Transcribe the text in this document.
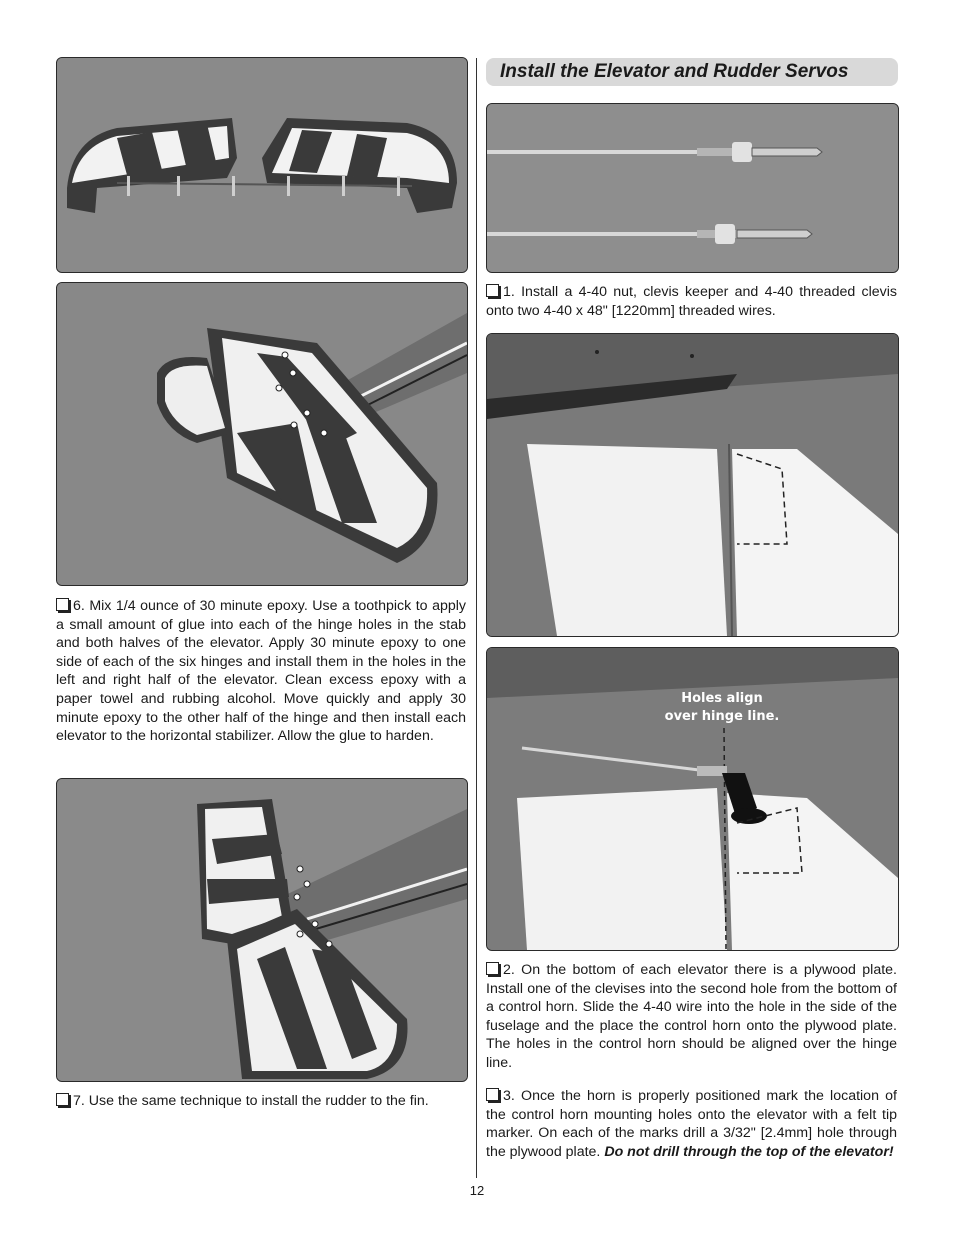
6. Mix 1/4 ounce of 30 minute epoxy. Use a toothpick to apply a small amount of glue into each of the hinge holes in the stab and both halves of the elevator. Apply 30 minute epoxy to one side of each of the six hinges and install them in the holes in the left and right half of the elevator. Clean excess epoxy with a paper towel and rubbing alcohol. Move quickly and apply 30 minute epoxy to the other half of the hinge and then install each elevator to the horizontal stabilizer. Allow the glue to harden.

7. Use the same technique to install the rudder to the fin.

Install the Elevator and Rudder Servos

1. Install a 4-40 nut, clevis keeper and 4-40 threaded clevis onto two 4-40 x 48" [1220mm] threaded wires.

Holes align
over hinge line.

2. On the bottom of each elevator there is a plywood plate. Install one of the clevises into the second hole from the bottom of a control horn. Slide the 4-40 wire into the hole in the side of the fuselage and the place the control horn onto the plywood plate. The holes in the control horn should be aligned over the hinge line.

3. Once the horn is properly positioned mark the location of the control horn mounting holes onto the elevator with a felt tip marker. On each of the marks drill a 3/32" [2.4mm] hole through the plywood plate. Do not drill through the top of the elevator!

12
